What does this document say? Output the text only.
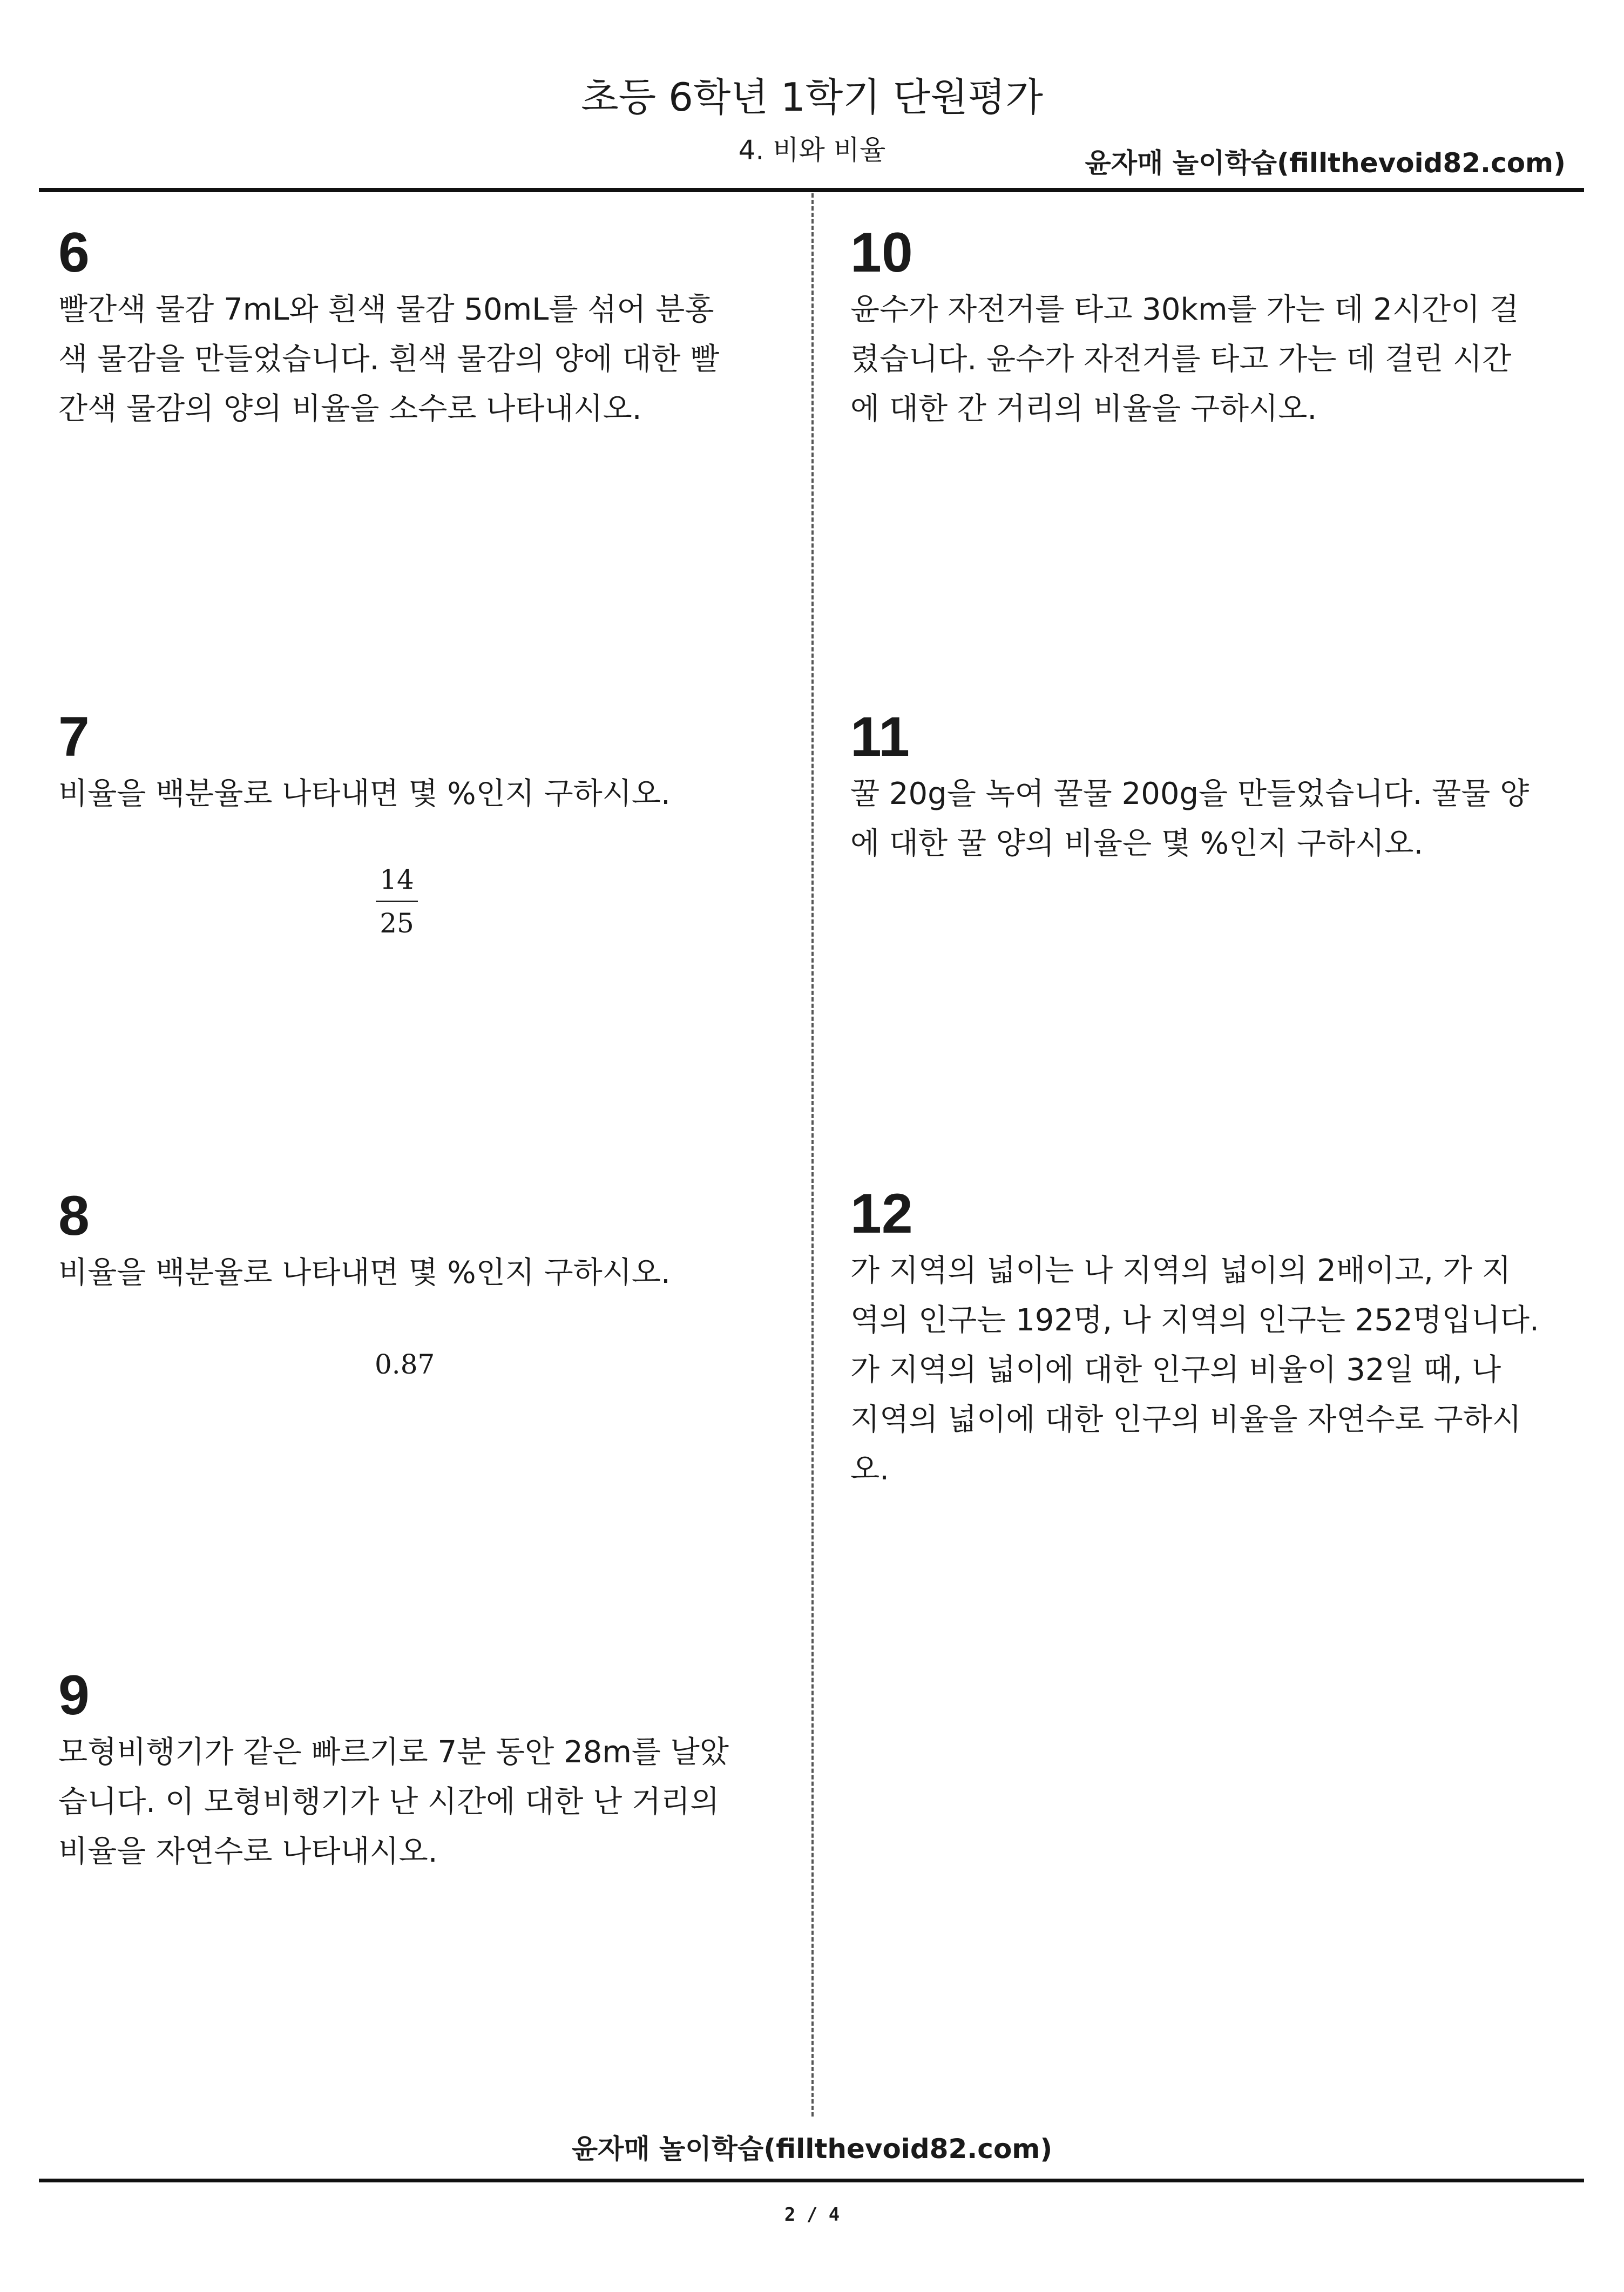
초등 6학년 1학기 단원평가
4. 비와 비율	윤자매 놀이학습(fillthevoid82.com)

6

빨간색 물감 7mL와 흰색 물감 50mL를 섞어 분홍

색 물감을 만들었습니다. 흰색 물감의 양에 대한 빨

간색 물감의 양의 비율을 소수로 나타내시오.

7

비율을 백분율로 나타내면 몇 %인지 구하시오.

$\frac{14}{25}$

8

비율을 백분율로 나타내면 몇 %인지 구하시오.

0.87

9

모형비행기가 같은 빠르기로 7분 동안 28m를 날았

습니다. 이 모형비행기가 난 시간에 대한 난 거리의

비율을 자연수로 나타내시오.

10

윤수가 자전거를 타고 30km를 가는 데 2시간이 걸

렸습니다. 윤수가 자전거를 타고 가는 데 걸린 시간

에 대한 간 거리의 비율을 구하시오.

11

꿀 20g을 녹여 꿀물 200g을 만들었습니다. 꿀물 양

에 대한 꿀 양의 비율은 몇 %인지 구하시오.

12

가 지역의 넓이는 나 지역의 넓이의 2배이고, 가 지

역의 인구는 192명, 나 지역의 인구는 252명입니다.

가 지역의 넓이에 대한 인구의 비율이 32일 때, 나

지역의 넓이에 대한 인구의 비율을 자연수로 구하시

오.

윤자매 놀이학습(fillthevoid82.com)
2 / 4
